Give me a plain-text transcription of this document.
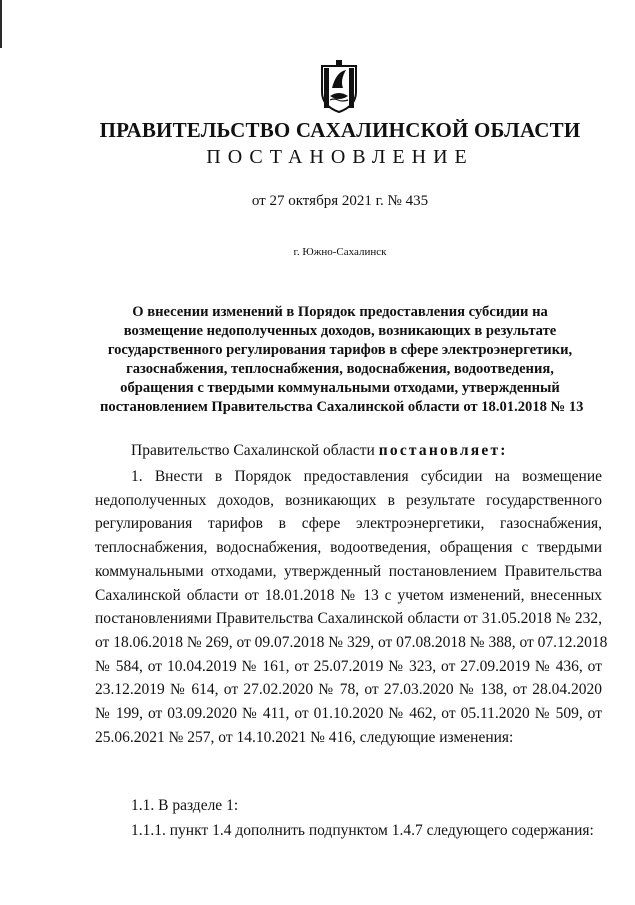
ПРАВИТЕЛЬСТВО САХАЛИНСКОЙ ОБЛАСТИ
ПОСТАНОВЛЕНИЕ
от 27 октября 2021 г. № 435
г. Южно-Сахалинск
О внесении изменений в Порядок предоставления субсидии на
возмещение недополученных доходов, возникающих в результате
государственного регулирования тарифов в сфере электроэнергетики,
газоснабжения, теплоснабжения, водоснабжения, водоотведения,
обращения с твердыми коммунальными отходами, утвержденный
постановлением Правительства Сахалинской области от 18.01.2018 № 13
Правительство Сахалинской области постановляет:
1. Внести в Порядок предоставления субсидии на возмещение
недополученных доходов, возникающих в результате государственного
регулирования тарифов в сфере электроэнергетики, газоснабжения,
теплоснабжения, водоснабжения, водоотведения, обращения с твердыми
коммунальными отходами, утвержденный постановлением Правительства
Сахалинской области от 18.01.2018 № 13 с учетом изменений, внесенных
постановлениями Правительства Сахалинской области от 31.05.2018 № 232,
от 18.06.2018 № 269, от 09.07.2018 № 329, от 07.08.2018 № 388, от 07.12.2018
№ 584, от 10.04.2019 № 161, от 25.07.2019 № 323, от 27.09.2019 № 436, от
23.12.2019 № 614, от 27.02.2020 № 78, от 27.03.2020 № 138, от 28.04.2020
№ 199, от 03.09.2020 № 411, от 01.10.2020 № 462, от 05.11.2020 № 509, от
25.06.2021 № 257, от 14.10.2021 № 416, следующие изменения:
1.1. В разделе 1:
1.1.1. пункт 1.4 дополнить подпунктом 1.4.7 следующего содержания:
